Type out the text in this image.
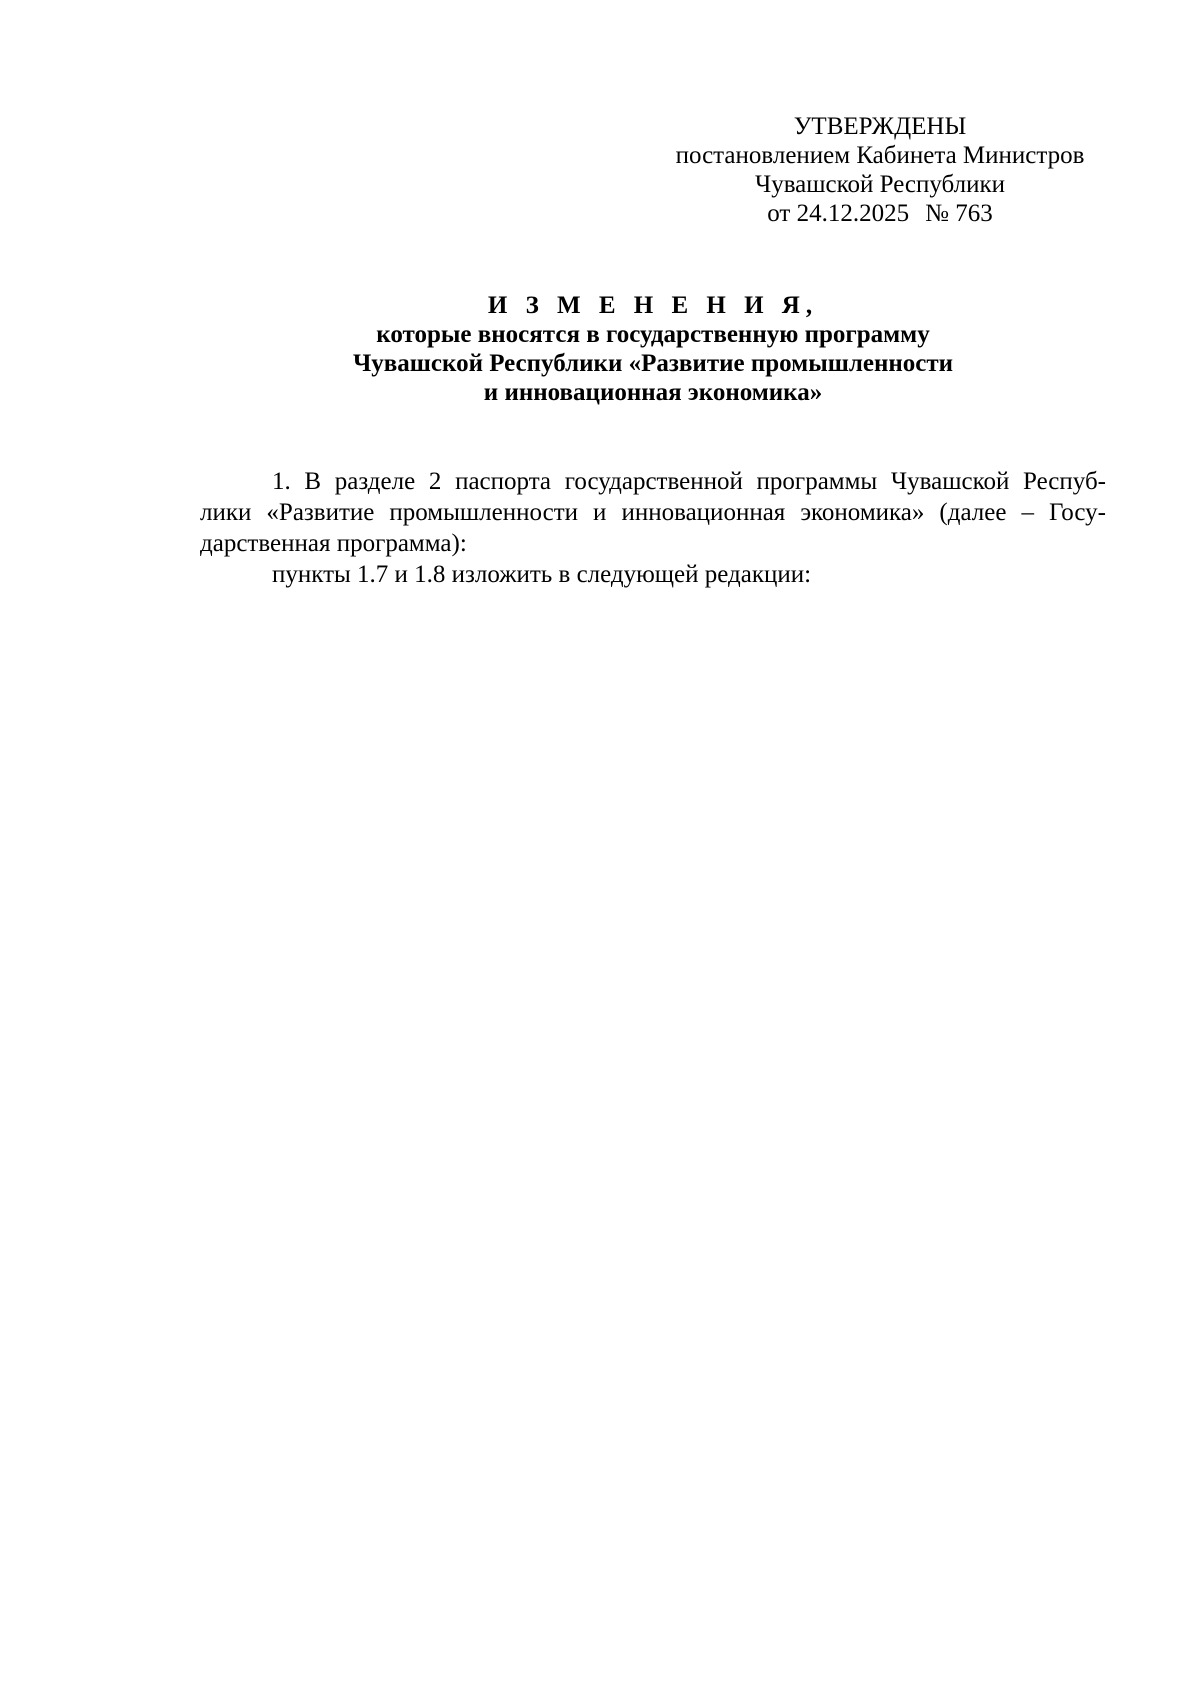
УТВЕРЖДЕНЫ
постановлением Кабинета Министров
Чувашской Республики
от 24.12.2025 № 763
И З М Е Н Е Н И Я,
которые вносятся в государственную программу
Чувашской Республики «Развитие промышленности
и инновационная экономика»
1. В разделе 2 паспорта государственной программы Чувашской Респуб-
лики «Развитие промышленности и инновационная экономика» (далее – Госу-
дарственная программа):
пункты 1.7 и 1.8 изложить в следующей редакции:
